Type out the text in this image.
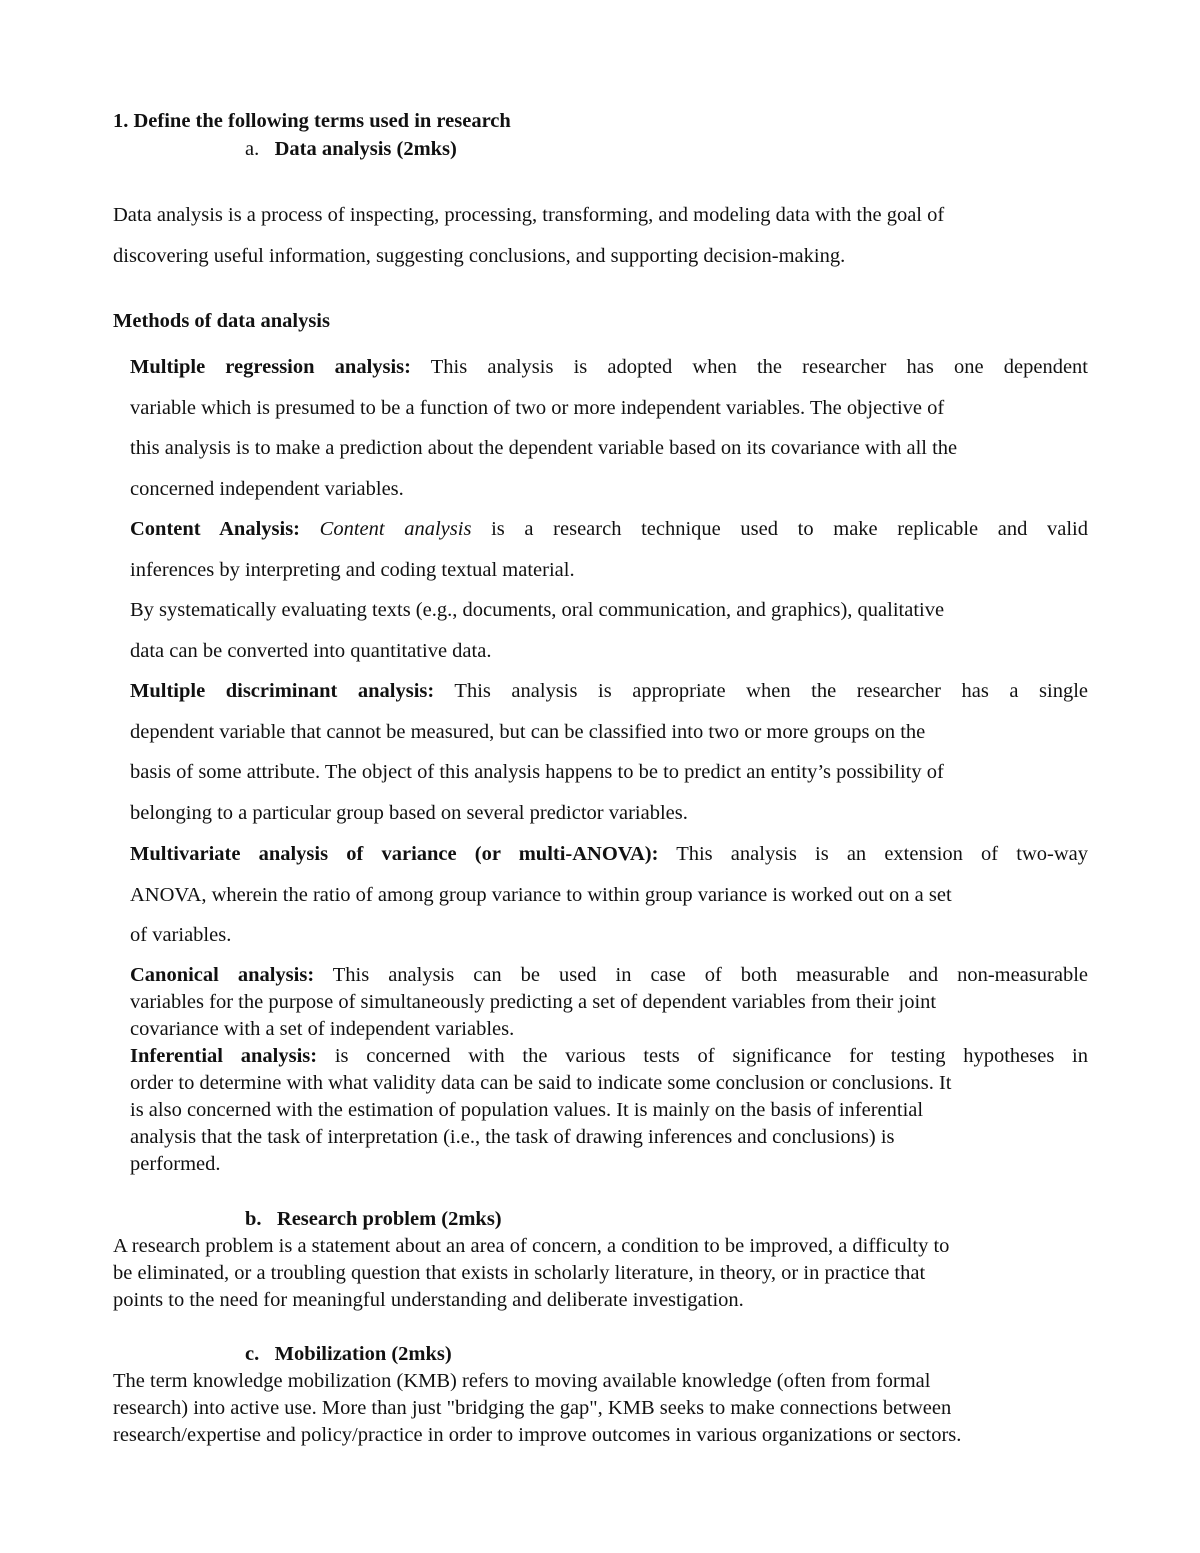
1. Define the following terms used in research
a. Data analysis (2mks)
Data analysis is a process of inspecting, processing, transforming, and modeling data with the goal of
discovering useful information, suggesting conclusions, and supporting decision-making.
Methods of data analysis
Multiple regression analysis: This analysis is adopted when the researcher has one dependent
variable which is presumed to be a function of two or more independent variables. The objective of
this analysis is to make a prediction about the dependent variable based on its covariance with all the
concerned independent variables.
Content Analysis: Content analysis is a research technique used to make replicable and valid
inferences by interpreting and coding textual material.
By systematically evaluating texts (e.g., documents, oral communication, and graphics), qualitative
data can be converted into quantitative data.
Multiple discriminant analysis: This analysis is appropriate when the researcher has a single
dependent variable that cannot be measured, but can be classified into two or more groups on the
basis of some attribute. The object of this analysis happens to be to predict an entity’s possibility of
belonging to a particular group based on several predictor variables.
Multivariate analysis of variance (or multi-ANOVA): This analysis is an extension of two-way
ANOVA, wherein the ratio of among group variance to within group variance is worked out on a set
of variables.
Canonical analysis: This analysis can be used in case of both measurable and non-measurable
variables for the purpose of simultaneously predicting a set of dependent variables from their joint
covariance with a set of independent variables.
Inferential analysis: is concerned with the various tests of significance for testing hypotheses in
order to determine with what validity data can be said to indicate some conclusion or conclusions. It
is also concerned with the estimation of population values. It is mainly on the basis of inferential
analysis that the task of interpretation (i.e., the task of drawing inferences and conclusions) is
performed.
b. Research problem (2mks)
A research problem is a statement about an area of concern, a condition to be improved, a difficulty to
be eliminated, or a troubling question that exists in scholarly literature, in theory, or in practice that
points to the need for meaningful understanding and deliberate investigation.
c. Mobilization (2mks)
The term knowledge mobilization (KMB) refers to moving available knowledge (often from formal
research) into active use. More than just "bridging the gap", KMB seeks to make connections between
research/expertise and policy/practice in order to improve outcomes in various organizations or sectors.
